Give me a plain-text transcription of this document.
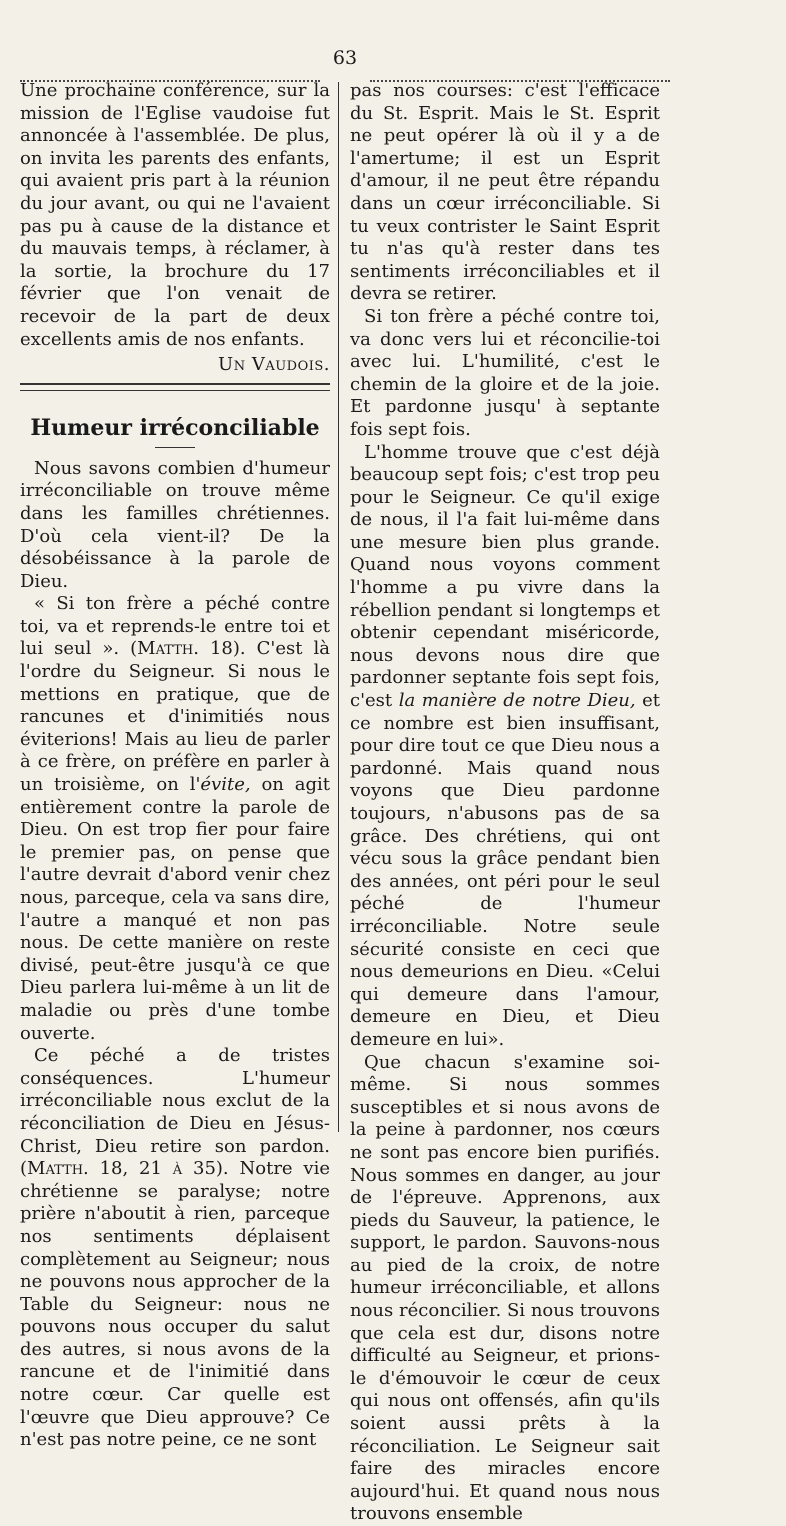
63

Une prochaine conférence, sur la mission de l'Eglise vaudoise fut annoncée à l'assemblée. De plus, on invita les parents des enfants, qui avaient pris part à la réunion du jour avant, ou qui ne l'avaient pas pu à cause de la distance et du mauvais temps, à réclamer, à la sortie, la brochure du 17 février que l'on venait de recevoir de la part de deux excellents amis de nos enfants.

Un Vaudois.
Humeur irréconciliable

Nous savons combien d'humeur irréconciliable on trouve même dans les familles chrétiennes. D'où cela vient-il? De la désobéissance à la parole de Dieu.

« Si ton frère a péché contre toi, va et reprends-le entre toi et lui seul ». (Matth. 18). C'est là l'ordre du Seigneur. Si nous le mettions en pratique, que de rancunes et d'inimitiés nous éviterions! Mais au lieu de parler à ce frère, on préfère en parler à un troisième, on l'évite, on agit entièrement contre la parole de Dieu. On est trop fier pour faire le premier pas, on pense que l'autre devrait d'abord venir chez nous, parceque, cela va sans dire, l'autre a manqué et non pas nous. De cette manière on reste divisé, peut-être jusqu'à ce que Dieu parlera lui-même à un lit de maladie ou près d'une tombe ouverte.

Ce péché a de tristes conséquences. L'humeur irréconciliable nous exclut de la réconciliation de Dieu en Jésus-Christ, Dieu retire son pardon. (Matth. 18, 21 à 35). Notre vie chrétienne se paralyse; notre prière n'aboutit à rien, parceque nos sentiments déplaisent complètement au Seigneur; nous ne pouvons nous approcher de la Table du Seigneur: nous ne pouvons nous occuper du salut des autres, si nous avons de la rancune et de l'inimitié dans notre cœur. Car quelle est l'œuvre que Dieu approuve? Ce n'est pas notre peine, ce ne sont

pas nos courses: c'est l'efficace du St. Esprit. Mais le St. Esprit ne peut opérer là où il y a de l'amertume; il est un Esprit d'amour, il ne peut être répandu dans un cœur irréconciliable. Si tu veux contrister le Saint Esprit tu n'as qu'à rester dans tes sentiments irréconciliables et il devra se retirer.

Si ton frère a péché contre toi, va donc vers lui et réconcilie-toi avec lui. L'humilité, c'est le chemin de la gloire et de la joie. Et pardonne jusqu' à septante fois sept fois.

L'homme trouve que c'est déjà beaucoup sept fois; c'est trop peu pour le Seigneur. Ce qu'il exige de nous, il l'a fait lui-même dans une mesure bien plus grande. Quand nous voyons comment l'homme a pu vivre dans la rébellion pendant si longtemps et obtenir cependant miséricorde, nous devons nous dire que pardonner septante fois sept fois, c'est la manière de notre Dieu, et ce nombre est bien insuffisant, pour dire tout ce que Dieu nous a pardonné. Mais quand nous voyons que Dieu pardonne toujours, n'abusons pas de sa grâce. Des chrétiens, qui ont vécu sous la grâce pendant bien des années, ont péri pour le seul péché de l'humeur irréconciliable. Notre seule sécurité consiste en ceci que nous demeurions en Dieu. «Celui qui demeure dans l'amour, demeure en Dieu, et Dieu demeure en lui».

Que chacun s'examine soi-même. Si nous sommes susceptibles et si nous avons de la peine à pardonner, nos cœurs ne sont pas encore bien purifiés. Nous sommes en danger, au jour de l'épreuve. Apprenons, aux pieds du Sauveur, la patience, le support, le pardon. Sauvons-nous au pied de la croix, de notre humeur irréconciliable, et allons nous réconcilier. Si nous trouvons que cela est dur, disons notre difficulté au Seigneur, et prions-le d'émouvoir le cœur de ceux qui nous ont offensés, afin qu'ils soient aussi prêts à la réconciliation. Le Seigneur sait faire des miracles encore aujourd'hui. Et quand nous nous trouvons ensemble
